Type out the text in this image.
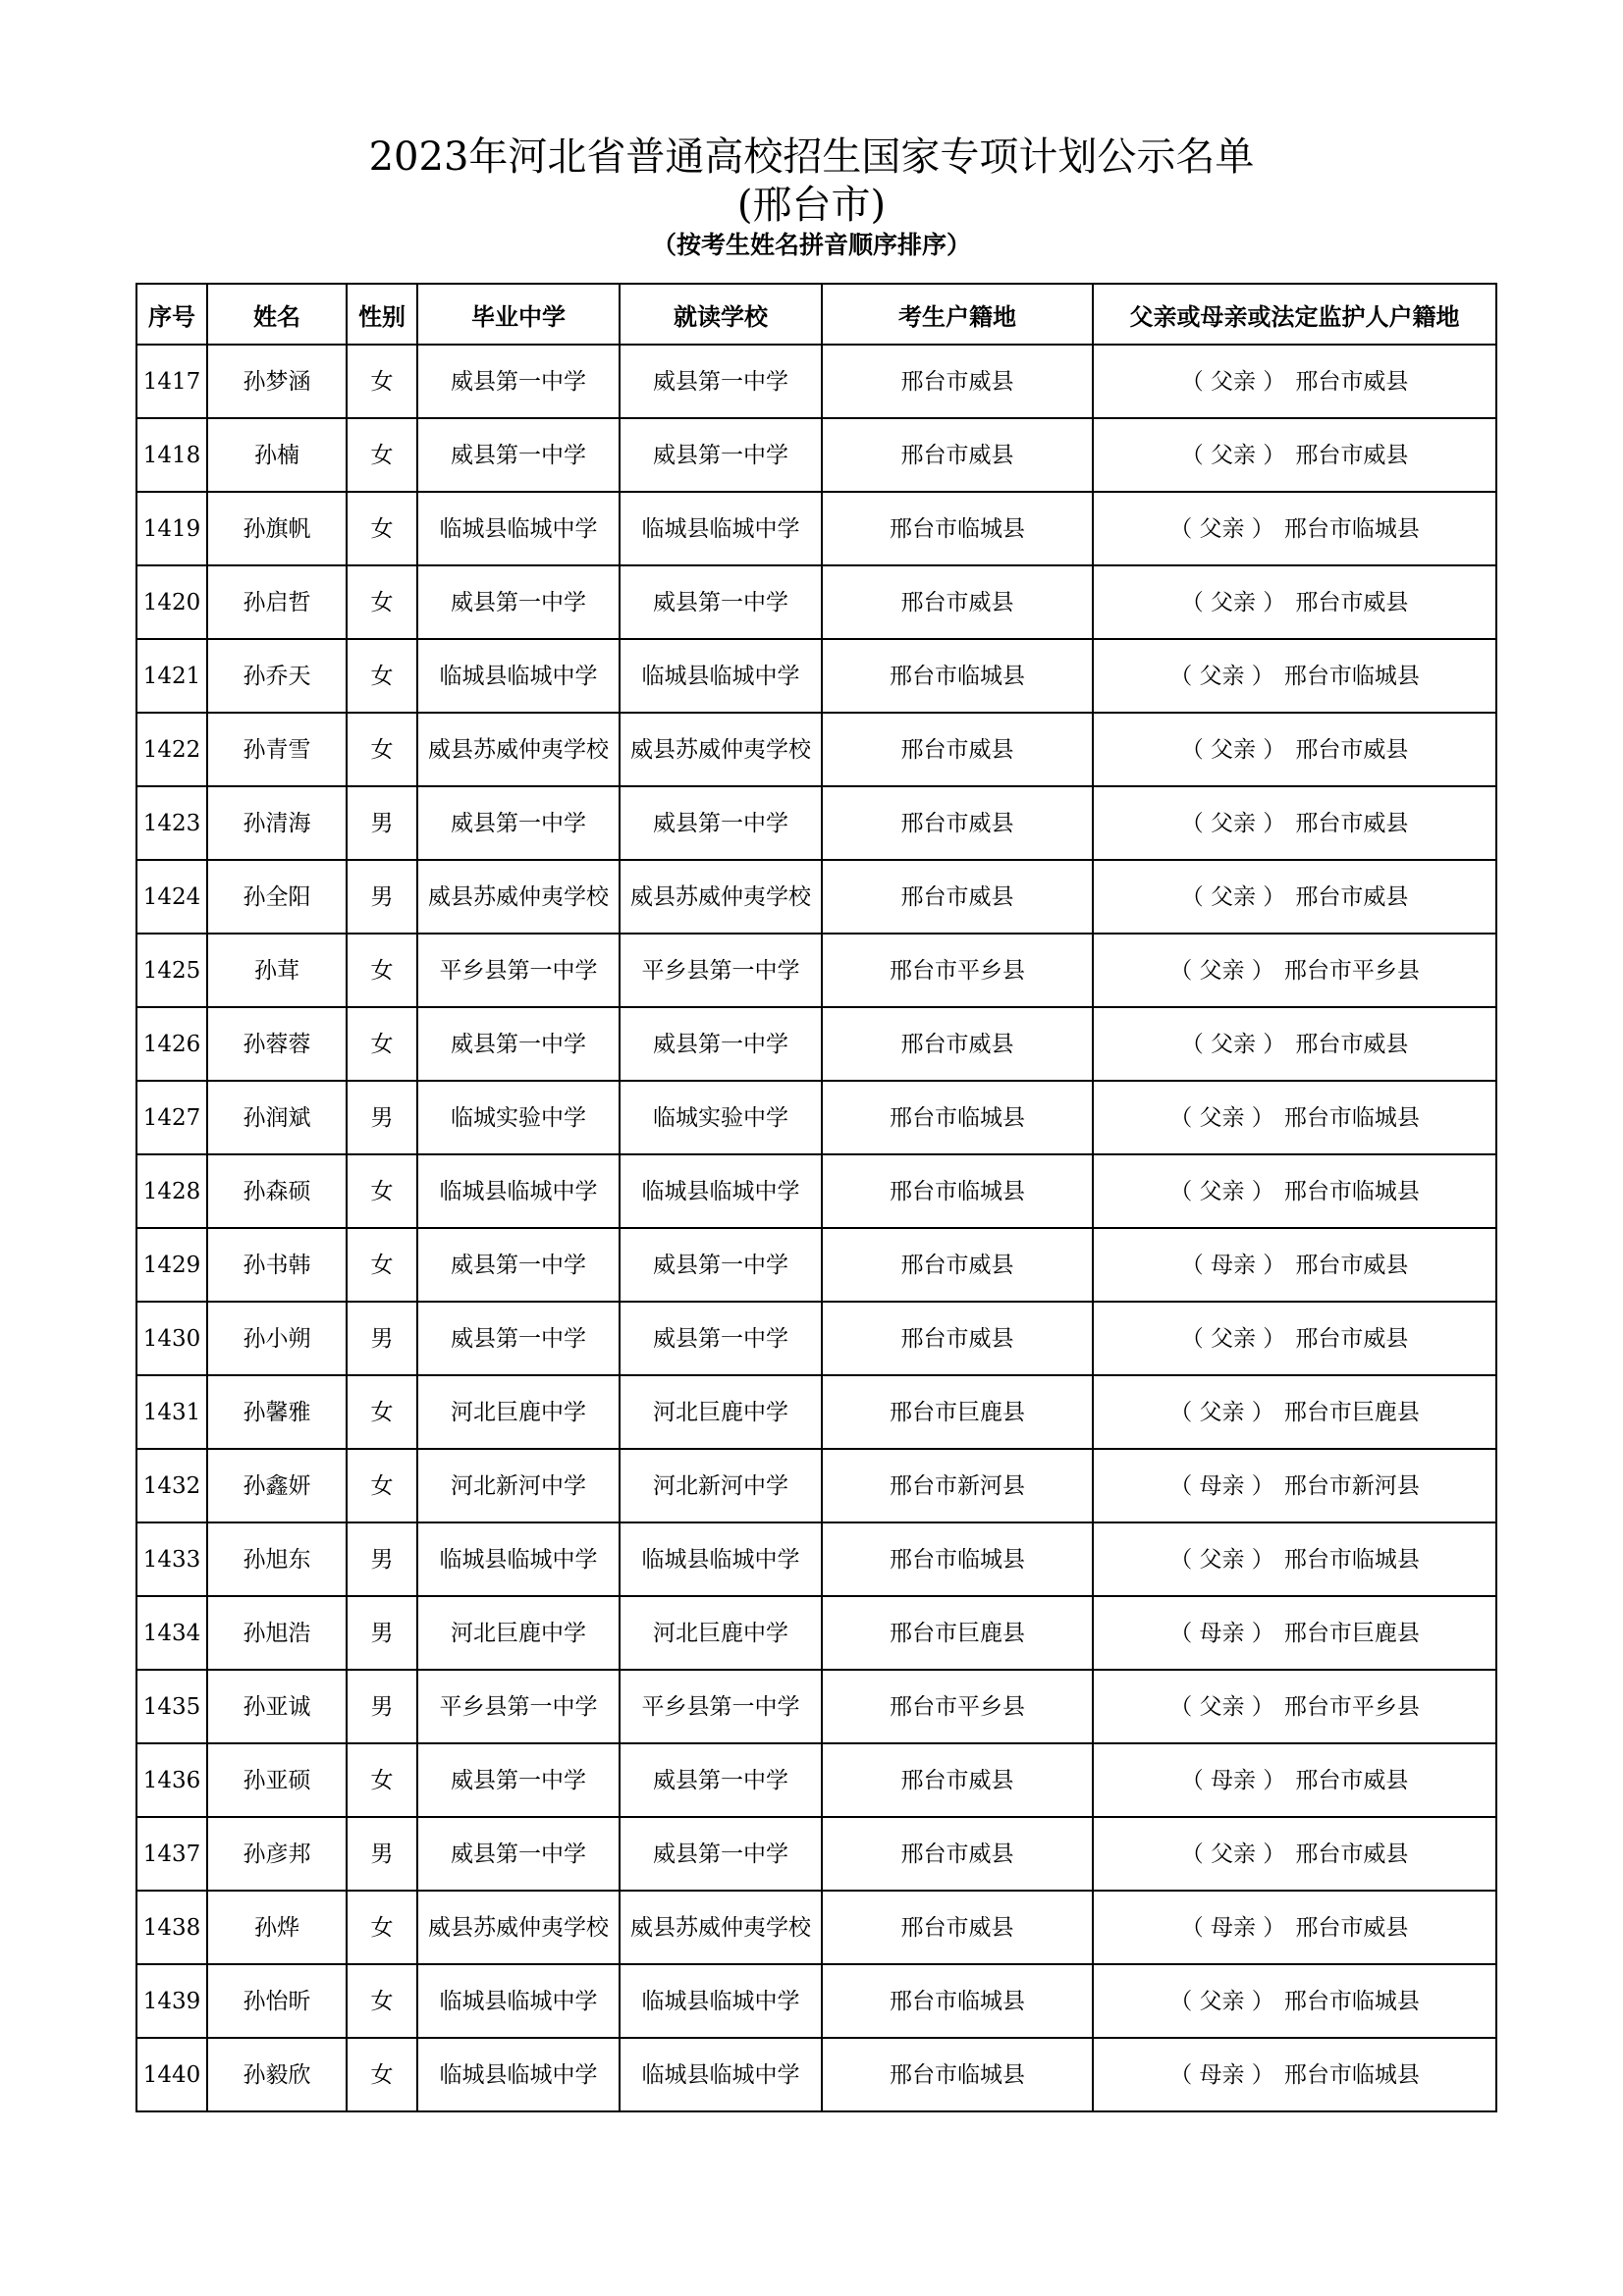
2023年河北省普通高校招生国家专项计划公示名单
(邢台市)
（按考生姓名拼音顺序排序）
序号	姓名	性别	毕业中学	就读学校	考生户籍地	父亲或母亲或法定监护人户籍地
1417	孙梦涵	女	威县第一中学	威县第一中学	邢台市威县	（ 父亲 ） 邢台市威县
1418	孙楠	女	威县第一中学	威县第一中学	邢台市威县	（ 父亲 ） 邢台市威县
1419	孙旗帆	女	临城县临城中学	临城县临城中学	邢台市临城县	（ 父亲 ） 邢台市临城县
1420	孙启哲	女	威县第一中学	威县第一中学	邢台市威县	（ 父亲 ） 邢台市威县
1421	孙乔天	女	临城县临城中学	临城县临城中学	邢台市临城县	（ 父亲 ） 邢台市临城县
1422	孙青雪	女	威县苏威仲夷学校	威县苏威仲夷学校	邢台市威县	（ 父亲 ） 邢台市威县
1423	孙清海	男	威县第一中学	威县第一中学	邢台市威县	（ 父亲 ） 邢台市威县
1424	孙全阳	男	威县苏威仲夷学校	威县苏威仲夷学校	邢台市威县	（ 父亲 ） 邢台市威县
1425	孙茸	女	平乡县第一中学	平乡县第一中学	邢台市平乡县	（ 父亲 ） 邢台市平乡县
1426	孙蓉蓉	女	威县第一中学	威县第一中学	邢台市威县	（ 父亲 ） 邢台市威县
1427	孙润斌	男	临城实验中学	临城实验中学	邢台市临城县	（ 父亲 ） 邢台市临城县
1428	孙森硕	女	临城县临城中学	临城县临城中学	邢台市临城县	（ 父亲 ） 邢台市临城县
1429	孙书韩	女	威县第一中学	威县第一中学	邢台市威县	（ 母亲 ） 邢台市威县
1430	孙小朔	男	威县第一中学	威县第一中学	邢台市威县	（ 父亲 ） 邢台市威县
1431	孙馨雅	女	河北巨鹿中学	河北巨鹿中学	邢台市巨鹿县	（ 父亲 ） 邢台市巨鹿县
1432	孙鑫妍	女	河北新河中学	河北新河中学	邢台市新河县	（ 母亲 ） 邢台市新河县
1433	孙旭东	男	临城县临城中学	临城县临城中学	邢台市临城县	（ 父亲 ） 邢台市临城县
1434	孙旭浩	男	河北巨鹿中学	河北巨鹿中学	邢台市巨鹿县	（ 母亲 ） 邢台市巨鹿县
1435	孙亚诚	男	平乡县第一中学	平乡县第一中学	邢台市平乡县	（ 父亲 ） 邢台市平乡县
1436	孙亚硕	女	威县第一中学	威县第一中学	邢台市威县	（ 母亲 ） 邢台市威县
1437	孙彦邦	男	威县第一中学	威县第一中学	邢台市威县	（ 父亲 ） 邢台市威县
1438	孙烨	女	威县苏威仲夷学校	威县苏威仲夷学校	邢台市威县	（ 母亲 ） 邢台市威县
1439	孙怡昕	女	临城县临城中学	临城县临城中学	邢台市临城县	（ 父亲 ） 邢台市临城县
1440	孙毅欣	女	临城县临城中学	临城县临城中学	邢台市临城县	（ 母亲 ） 邢台市临城县
